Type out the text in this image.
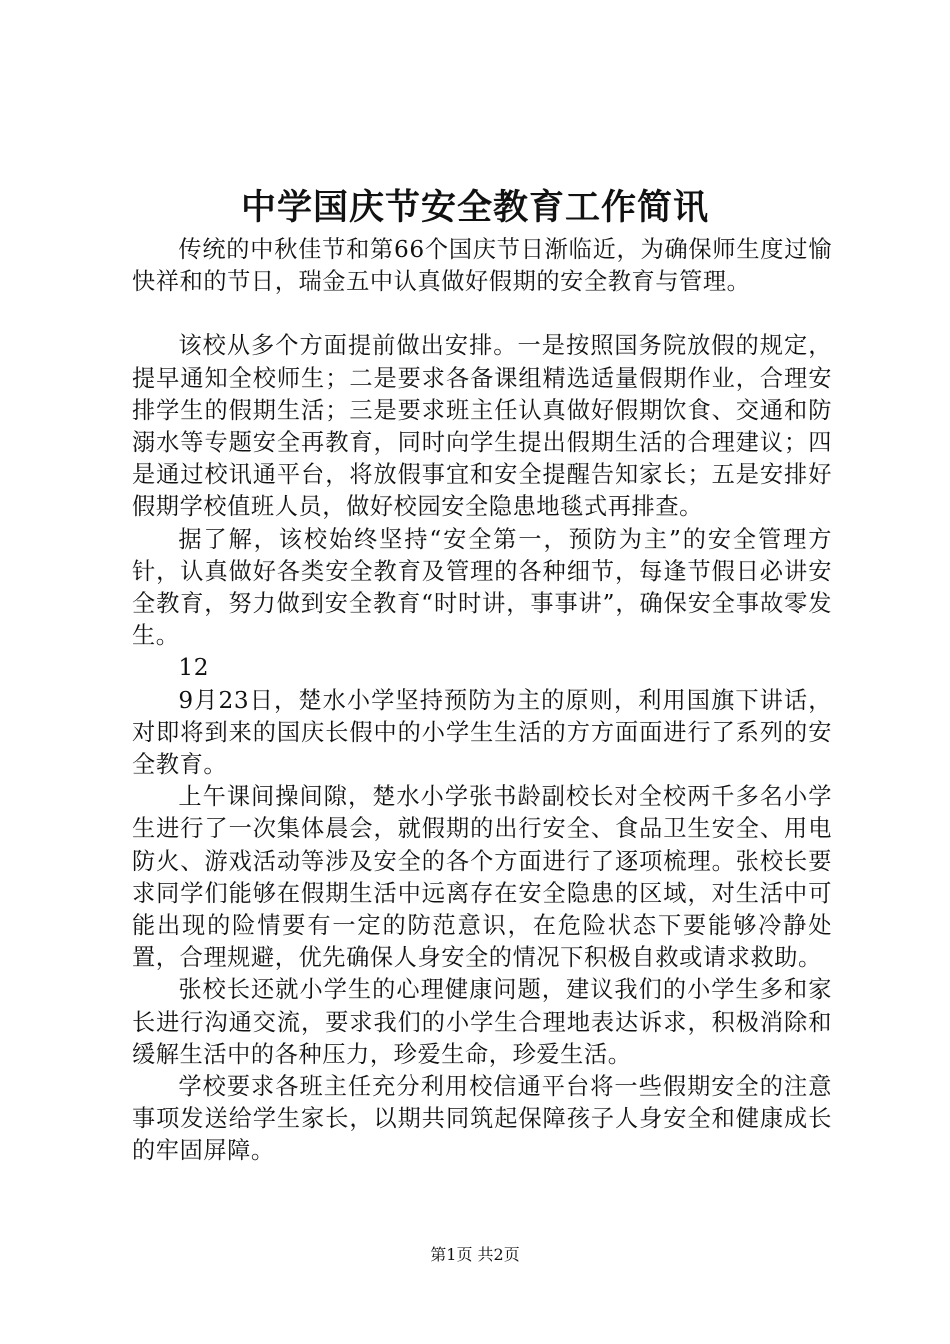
中学国庆节安全教育工作简讯

传统的中秋佳节和第66个国庆节日渐临近，为确保师生度过愉快祥和的节日，瑞金五中认真做好假期的安全教育与管理。

该校从多个方面提前做出安排。一是按照国务院放假的规定，提早通知全校师生；二是要求各备课组精选适量假期作业，合理安排学生的假期生活；三是要求班主任认真做好假期饮食、交通和防溺水等专题安全再教育，同时向学生提出假期生活的合理建议；四是通过校讯通平台，将放假事宜和安全提醒告知家长；五是安排好假期学校值班人员，做好校园安全隐患地毯式再排查。

据了解，该校始终坚持“安全第一，预防为主”的安全管理方针，认真做好各类安全教育及管理的各种细节，每逢节假日必讲安全教育，努力做到安全教育“时时讲，事事讲”，确保安全事故零发生。

12

9月23日，楚水小学坚持预防为主的原则，利用国旗下讲话，对即将到来的国庆长假中的小学生生活的方方面面进行了系列的安全教育。

上午课间操间隙，楚水小学张书龄副校长对全校两千多名小学生进行了一次集体晨会，就假期的出行安全、食品卫生安全、用电防火、游戏活动等涉及安全的各个方面进行了逐项梳理。张校长要求同学们能够在假期生活中远离存在安全隐患的区域，对生活中可能出现的险情要有一定的防范意识，在危险状态下要能够冷静处置，合理规避，优先确保人身安全的情况下积极自救或请求救助。

张校长还就小学生的心理健康问题，建议我们的小学生多和家长进行沟通交流，要求我们的小学生合理地表达诉求，积极消除和缓解生活中的各种压力，珍爱生命，珍爱生活。

学校要求各班主任充分利用校信通平台将一些假期安全的注意事项发送给学生家长，以期共同筑起保障孩子人身安全和健康成长的牢固屏障。

第1页 共2页
